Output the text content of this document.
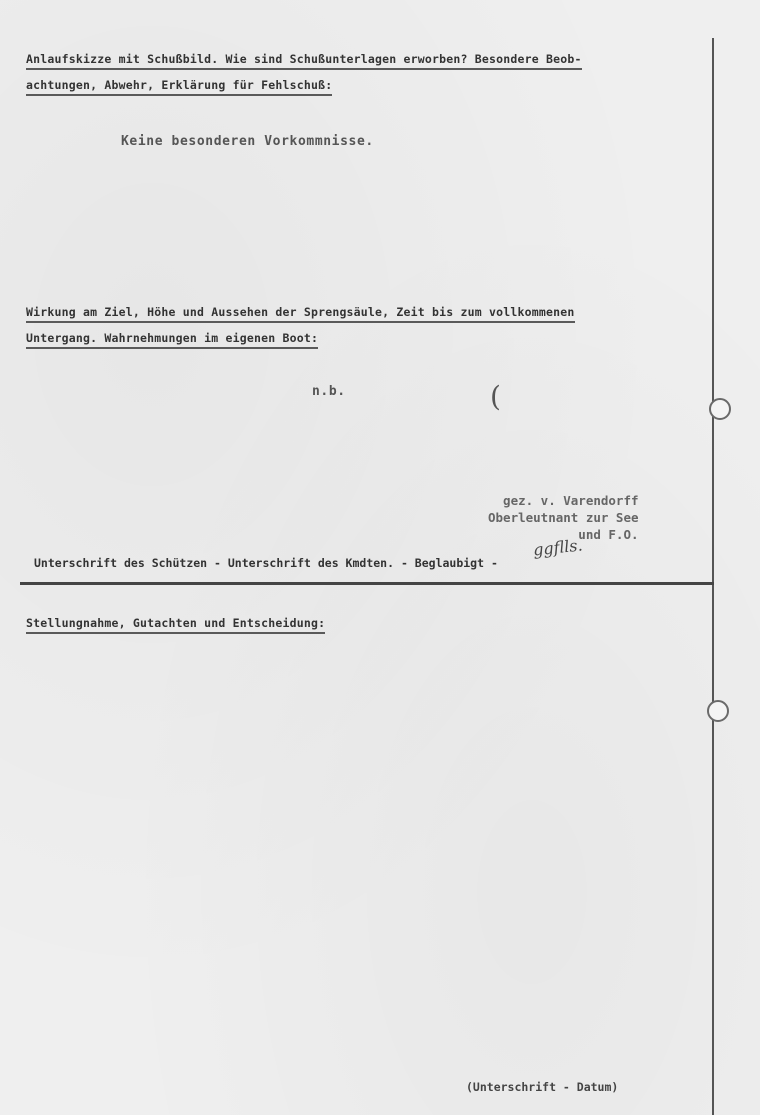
Anlaufskizze mit Schußbild. Wie sind Schußunterlagen erworben? Besondere Beob-
achtungen, Abwehr, Erklärung für Fehlschuß:
Keine besonderen Vorkommnisse.
Wirkung am Ziel, Höhe und Aussehen der Sprengsäule, Zeit bis zum vollkommenen
Untergang. Wahrnehmungen im eigenen Boot:
n.b.	(
gez. v. Varendorff
Oberleutnant zur See
und F.O.
ggflls.
Unterschrift des Schützen - Unterschrift des Kmdten. - Beglaubigt -
Stellungnahme, Gutachten und Entscheidung:
(Unterschrift - Datum)
